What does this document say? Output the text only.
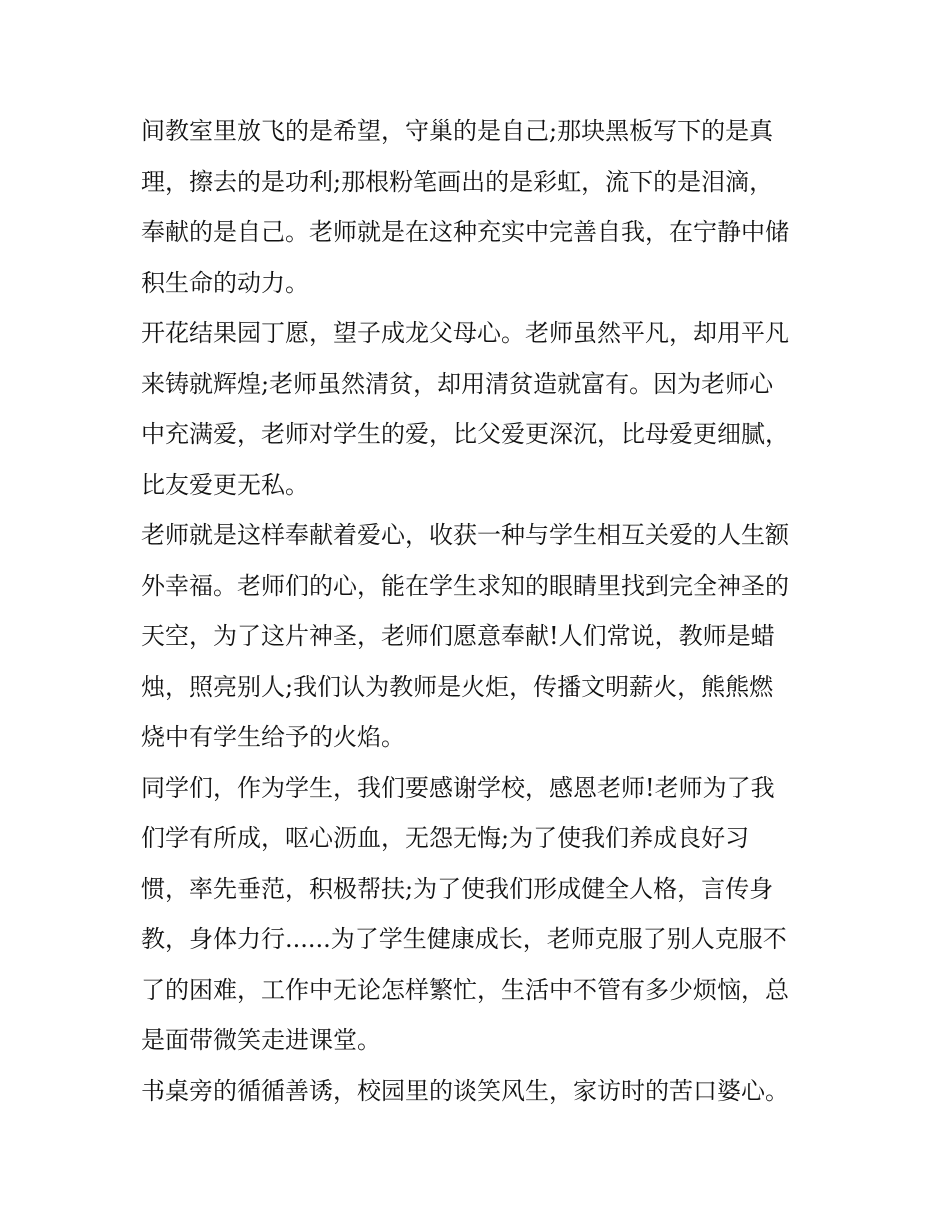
间教室里放飞的是希望，守巢的是自己;那块黑板写下的是真
理，擦去的是功利;那根粉笔画出的是彩虹，流下的是泪滴，
奉献的是自己。老师就是在这种充实中完善自我，在宁静中储
积生命的动力。
开花结果园丁愿，望子成龙父母心。老师虽然平凡，却用平凡
来铸就辉煌;老师虽然清贫，却用清贫造就富有。因为老师心
中充满爱，老师对学生的爱，比父爱更深沉，比母爱更细腻，
比友爱更无私。
老师就是这样奉献着爱心，收获一种与学生相互关爱的人生额
外幸福。老师们的心，能在学生求知的眼睛里找到完全神圣的
天空，为了这片神圣，老师们愿意奉献!人们常说，教师是蜡
烛，照亮别人;我们认为教师是火炬，传播文明薪火，熊熊燃
烧中有学生给予的火焰。
同学们，作为学生，我们要感谢学校，感恩老师!老师为了我
们学有所成，呕心沥血，无怨无悔;为了使我们养成良好习
惯，率先垂范，积极帮扶;为了使我们形成健全人格，言传身
教，身体力行......为了学生健康成长，老师克服了别人克服不
了的困难，工作中无论怎样繁忙，生活中不管有多少烦恼，总
是面带微笑走进课堂。
书桌旁的循循善诱，校园里的谈笑风生，家访时的苦口婆心。
